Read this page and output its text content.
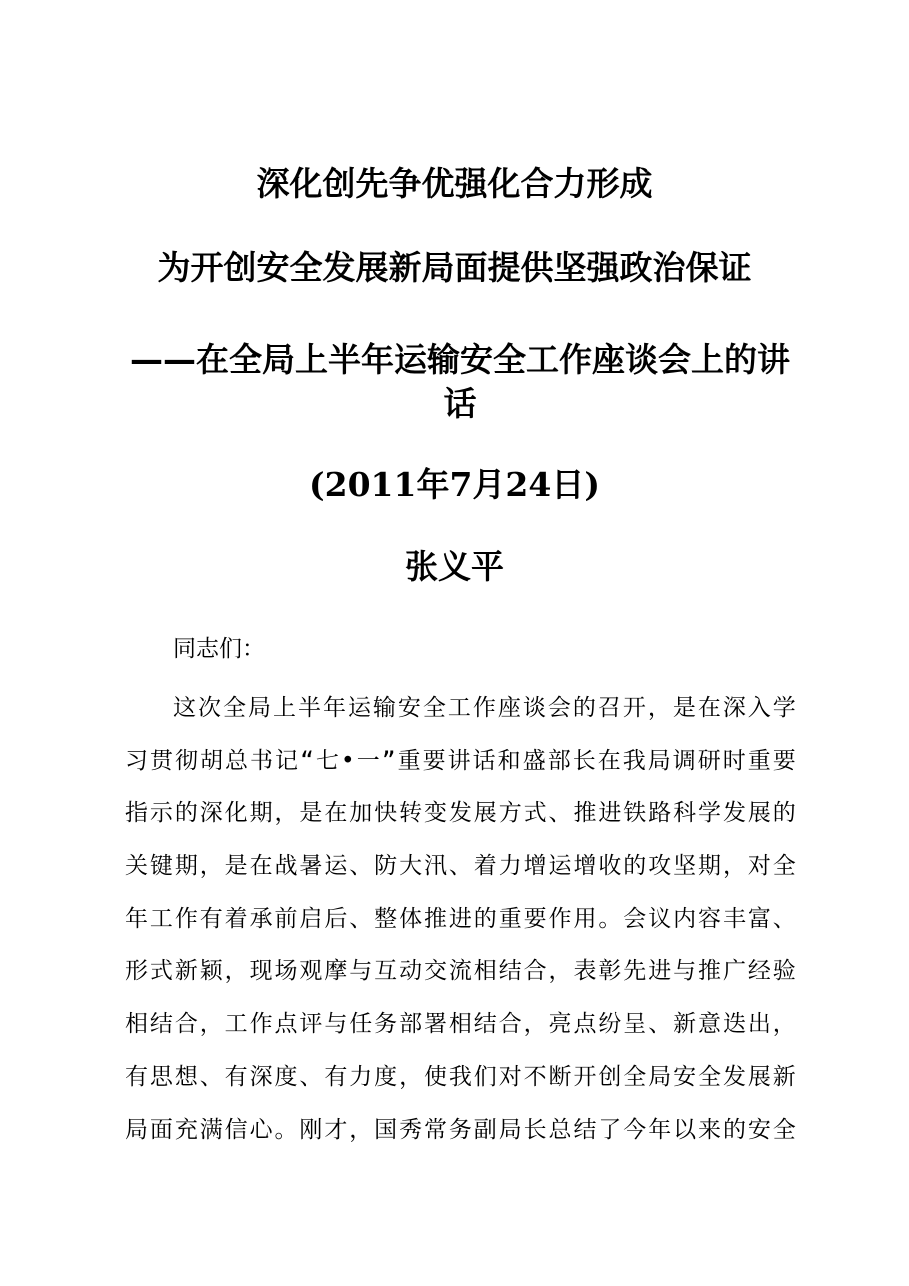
深化创先争优强化合力形成
为开创安全发展新局面提供坚强政治保证
——在全局上半年运输安全工作座谈会上的讲话
(2011年7月24日)
张义平
同志们：
这次全局上半年运输安全工作座谈会的召开，是在深入学
习贯彻胡总书记“七•一”重要讲话和盛部长在我局调研时重要
指示的深化期，是在加快转变发展方式、推进铁路科学发展的
关键期，是在战暑运、防大汛、着力增运增收的攻坚期，对全
年工作有着承前启后、整体推进的重要作用。会议内容丰富、
形式新颖，现场观摩与互动交流相结合，表彰先进与推广经验
相结合，工作点评与任务部署相结合，亮点纷呈、新意迭出，
有思想、有深度、有力度，使我们对不断开创全局安全发展新
局面充满信心。刚才，国秀常务副局长总结了今年以来的安全
